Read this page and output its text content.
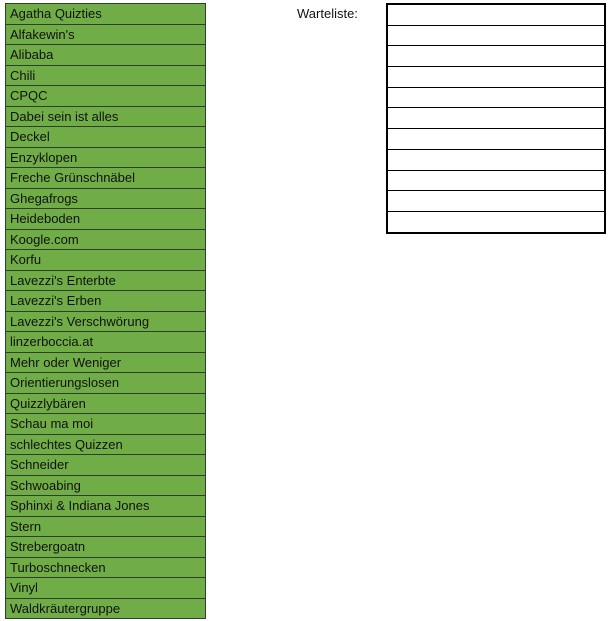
Agatha Quizties
Alfakewin's
Alibaba
Chili
CPQC
Dabei sein ist alles
Deckel
Enzyklopen
Freche Grünschnäbel
Ghegafrogs
Heideboden
Koogle.com
Korfu
Lavezzi's Enterbte
Lavezzi's Erben
Lavezzi's Verschwörung
linzerboccia.at
Mehr oder Weniger
Orientierungslosen
Quizzlybären
Schau ma moi
schlechtes Quizzen
Schneider
Schwoabing
Sphinxi & Indiana Jones
Stern
Strebergoatn
Turboschnecken
Vinyl
Waldkräutergruppe
Warteliste:
